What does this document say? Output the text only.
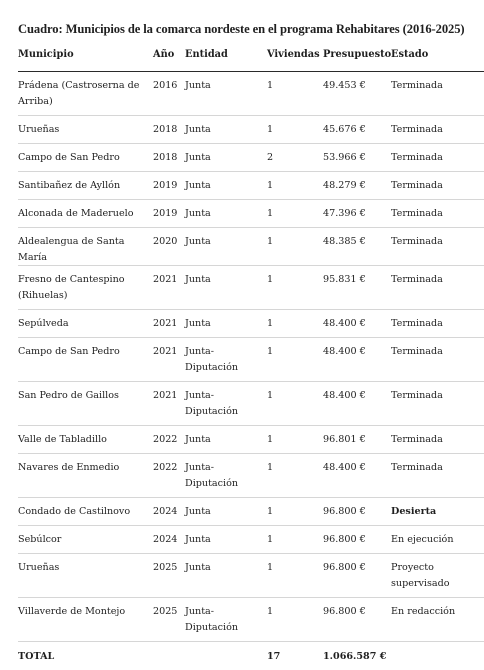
Cuadro: Municipios de la comarca nordeste en el programa Rehabitares (2016-2025)
Municipio	Año	Entidad	Viviendas	Presupuesto	Estado

Prádena (Castroserna de Arriba)	2016	Junta	1	49.453 €	Terminada

Urueñas	2018	Junta	1	45.676 €	Terminada

Campo de San Pedro	2018	Junta	2	53.966 €	Terminada

Santibañez de Ayllón	2019	Junta	1	48.279 €	Terminada

Alconada de Maderuelo	2019	Junta	1	47.396 €	Terminada

Aldealengua de Santa María	2020	Junta	1	48.385 €	Terminada

Fresno de Cantespino (Rihuelas)	2021	Junta	1	95.831 €	Terminada

Sepúlveda	2021	Junta	1	48.400 €	Terminada

Campo de San Pedro	2021	Junta-Diputación	1	48.400 €	Terminada

San Pedro de Gaillos	2021	Junta-Diputación	1	48.400 €	Terminada

Valle de Tabladillo	2022	Junta	1	96.801 €	Terminada

Navares de Enmedio	2022	Junta-Diputación	1	48.400 €	Terminada

Condado de Castilnovo	2024	Junta	1	96.800 €	Desierta

Sebúlcor	2024	Junta	1	96.800 €	En ejecución

Urueñas	2025	Junta	1	96.800 €	Proyecto supervisado

Villaverde de Montejo	2025	Junta-Diputación	1	96.800 €	En redacción

TOTAL			17	1.066.587 €	
